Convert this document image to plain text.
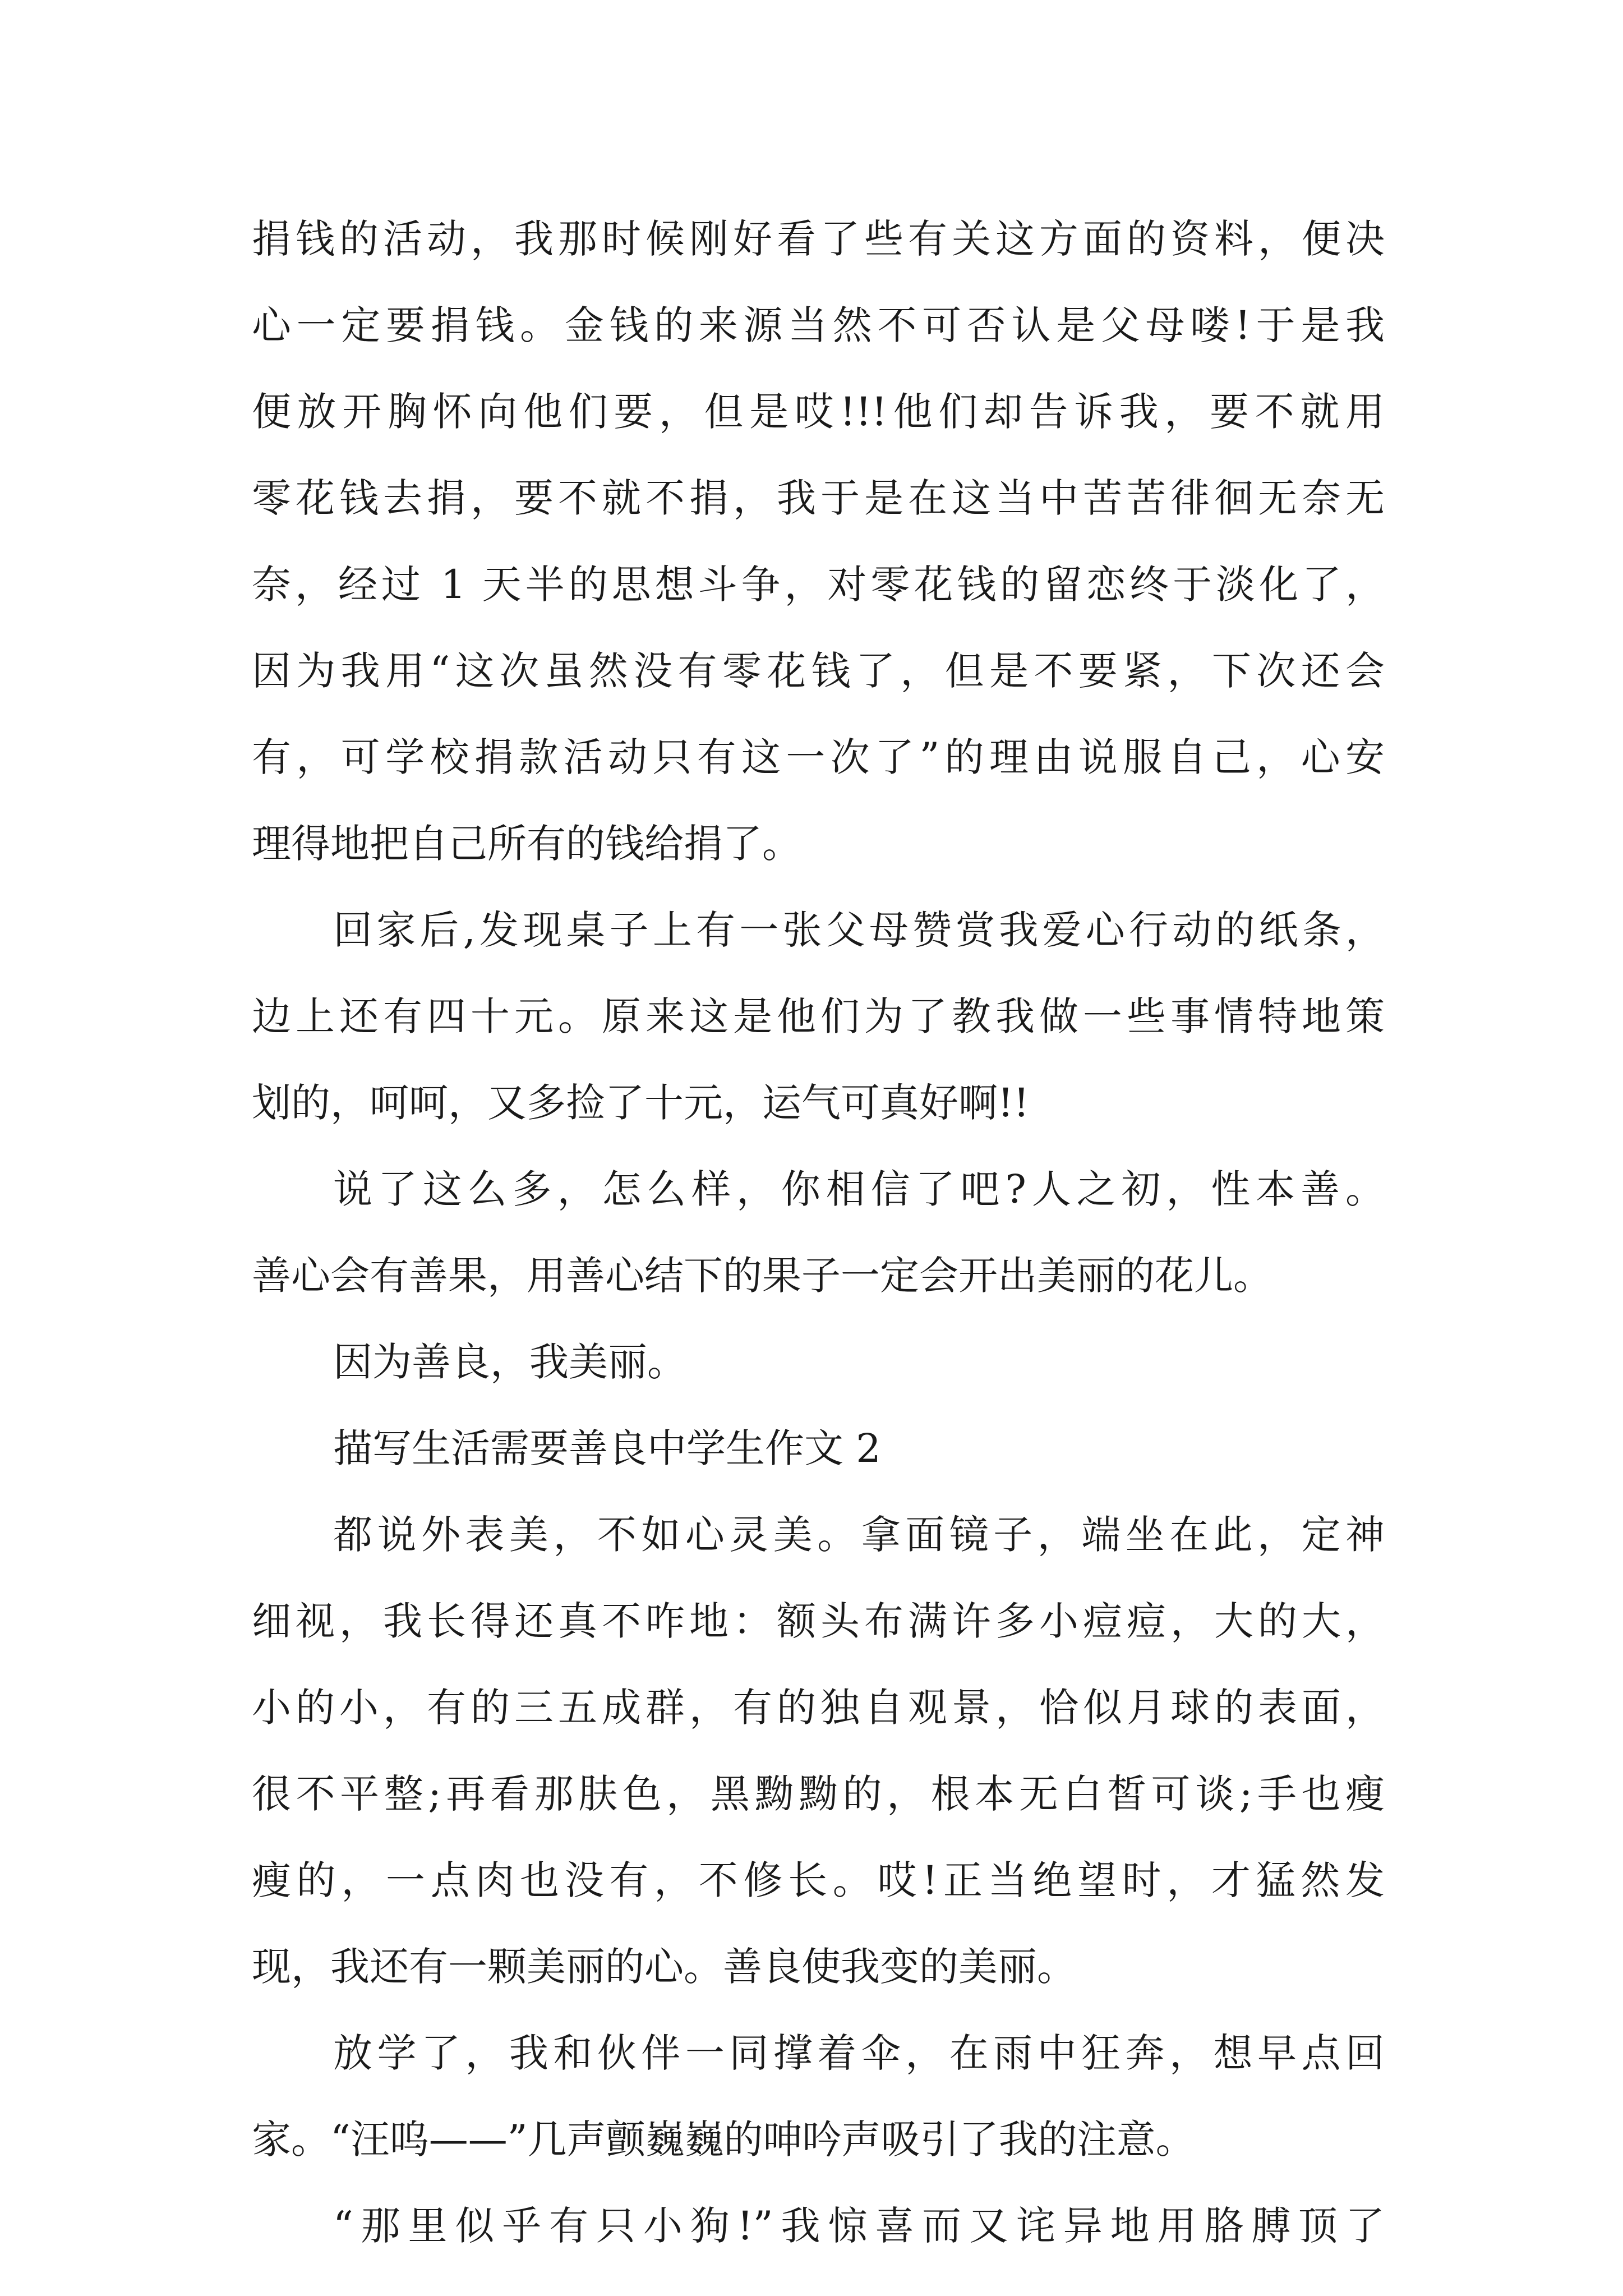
捐钱的活动，我那时候刚好看了些有关这方面的资料，便决

心一定要捐钱。金钱的来源当然不可否认是父母喽!于是我

便放开胸怀向他们要，但是哎!!!他们却告诉我，要不就用

零花钱去捐，要不就不捐，我于是在这当中苦苦徘徊无奈无

奈，经过 1 天半的思想斗争，对零花钱的留恋终于淡化了，

因为我用“这次虽然没有零花钱了，但是不要紧，下次还会

有，可学校捐款活动只有这一次了”的理由说服自己，心安

理得地把自己所有的钱给捐了。

回家后,发现桌子上有一张父母赞赏我爱心行动的纸条，

边上还有四十元。原来这是他们为了教我做一些事情特地策

划的，呵呵，又多捡了十元，运气可真好啊!!

说了这么多，怎么样，你相信了吧?人之初，性本善。

善心会有善果，用善心结下的果子一定会开出美丽的花儿。

因为善良，我美丽。

描写生活需要善良中学生作文 2

都说外表美，不如心灵美。拿面镜子，端坐在此，定神

细视，我长得还真不咋地：额头布满许多小痘痘，大的大，

小的小，有的三五成群，有的独自观景，恰似月球的表面，

很不平整;再看那肤色，黑黝黝的，根本无白皙可谈;手也瘦

瘦的，一点肉也没有，不修长。哎!正当绝望时，才猛然发

现，我还有一颗美丽的心。善良使我变的美丽。

放学了，我和伙伴一同撑着伞，在雨中狂奔，想早点回

家。“汪呜——”几声颤巍巍的呻吟声吸引了我的注意。

“那里似乎有只小狗!”我惊喜而又诧异地用胳膊顶了
